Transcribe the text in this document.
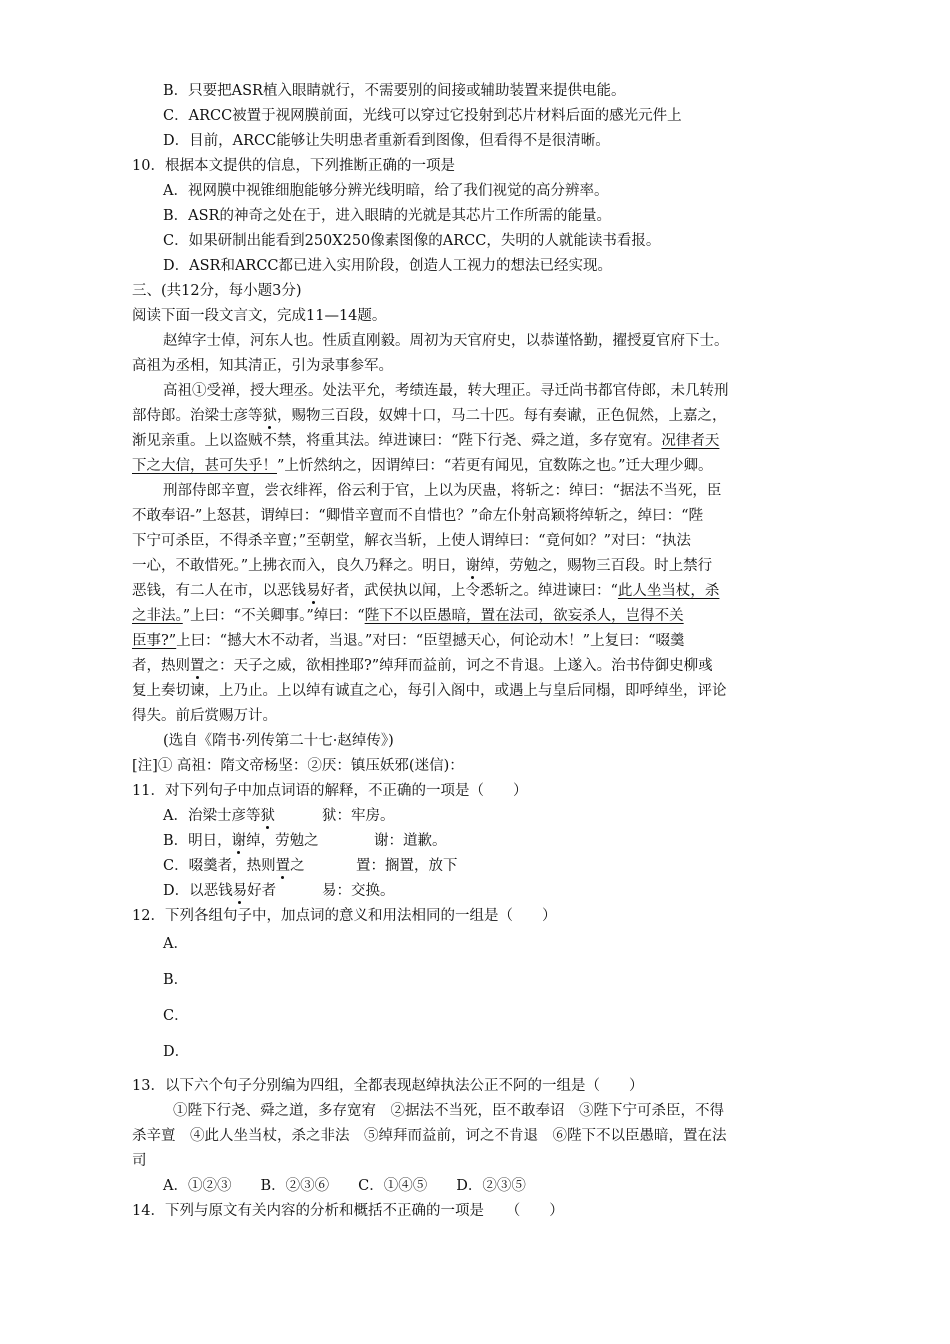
B．只要把ASR植入眼睛就行，不需要别的间接或辅助装置来提供电能。
C．ARCC被置于视网膜前面，光线可以穿过它投射到芯片材料后面的感光元件上
D．目前，ARCC能够让失明患者重新看到图像，但看得不是很清晰。
10．根据本文提供的信息，下列推断正确的一项是
A．视网膜中视锥细胞能够分辨光线明暗，给了我们视觉的高分辨率。
B．ASR的神奇之处在于，进入眼睛的光就是其芯片工作所需的能量。
C．如果研制出能看到250X250像素图像的ARCC，失明的人就能读书看报。
D．ASR和ARCC都已进入实用阶段，创造人工视力的想法已经实现。
三、(共12分，每小题3分)
阅读下面一段文言文，完成11—14题。
赵绰字士倬，河东人也。性质直刚毅。周初为天官府史，以恭谨恪勤，擢授夏官府下士。
高祖为丞相，知其清正，引为录事参军。
高祖①受禅，授大理丞。处法平允，考绩连最，转大理正。寻迁尚书都官侍郎，未几转刑
部侍郎。治梁士彦等狱，赐物三百段，奴婢十口，马二十匹。每有奏谳，正色侃然，上嘉之，
渐见亲重。上以盗贼不禁，将重其法。绰进谏曰：“陛下行尧、舜之道，多存宽宥。况律者天
下之大信，甚可失乎！”上忻然纳之，因谓绰曰：“若更有闻见，宜数陈之也。”迁大理少卿。
刑部侍郎辛亶，尝衣绯裈，俗云利于官，上以为厌蛊，将斩之：绰曰：“据法不当死，臣
不敢奉诏-”上怒甚，谓绰曰：“卿惜辛亶而不自惜也？”命左仆射高颖将绰斩之，绰曰：“陛
下宁可杀臣，不得杀辛亶；”至朝堂，解衣当斩，上使人谓绰曰：“竟何如？”对曰：“执法
一心，不敢惜死。”上拂衣而入，良久乃释之。明日，谢绰，劳勉之，赐物三百段。时上禁行
恶钱，有二人在市，以恶钱易好者，武侯执以闻，上令悉斩之。绰进谏曰：“此人坐当杖，杀
之非法。”上曰：“不关卿事。”绰曰：“陛下不以臣愚暗，置在法司，欲妄杀人，岂得不关
臣事?”上曰：“撼大木不动者，当退。”对曰：“臣望撼天心，何论动木！”上复曰：“啜羹
者，热则置之：天子之威，欲相挫耶?”绰拜而益前，诃之不肯退。上遂入。治书侍御史柳彧
复上奏切谏，上乃止。上以绰有诚直之心，每引入阁中，或遇上与皇后同榻，即呼绰坐，评论
得失。前后赏赐万计。
(选自《隋书·列传第二十七·赵绰传》)
[注]① 高祖：隋文帝杨坚：②厌：镇压妖邪(迷信)：
11．对下列句子中加点词语的解释，不正确的一项是（　　）
A．治梁士彦等狱	狱：牢房。
B．明日，谢绰，劳勉之	谢：道歉。
C．啜羹者，热则置之	置：搁置，放下
D．以恶钱易好者	易：交换。
12．下列各组句子中，加点词的意义和用法相同的一组是（　　）
A．
B．
C．
D．
13．以下六个句子分别编为四组，全都表现赵绰执法公正不阿的一组是（　　）
①陛下行尧、舜之道，多存宽宥　②据法不当死，臣不敢奉诏　③陛下宁可杀臣，不得
杀辛亶　④此人坐当杖，杀之非法　⑤绰拜而益前，诃之不肯退　⑥陛下不以臣愚暗，置在法
司
A．①②③　　B．②③⑥　　C．①④⑤　　D．②③⑤
14．下列与原文有关内容的分析和概括不正确的一项是　　（　　）
